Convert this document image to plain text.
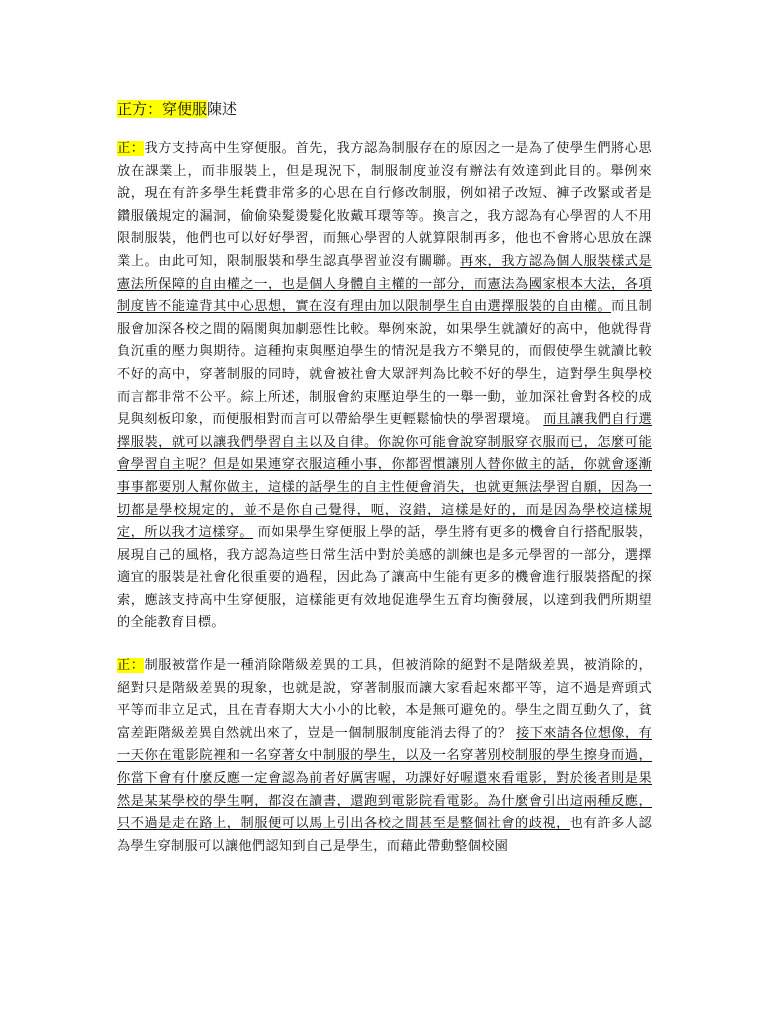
正方：穿便服陳述

正：我方支持高中生穿便服。首先，我方認為制服存在的原因之一是為了使學生們將心思放在課業上，而非服裝上，但是現況下，制服制度並沒有辦法有效達到此目的。舉例來說，現在有許多學生耗費非常多的心思在自行修改制服，例如裙子改短、褲子改緊或者是鑽服儀規定的漏洞，偷偷染髮燙髮化妝戴耳環等等。換言之，我方認為有心學習的人不用限制服裝，他們也可以好好學習，而無心學習的人就算限制再多，他也不會將心思放在課業上。由此可知，限制服裝和學生認真學習並沒有關聯。再來，我方認為個人服裝樣式是憲法所保障的自由權之一，也是個人身體自主權的一部分，而憲法為國家根本大法，各項制度皆不能違背其中心思想，實在沒有理由加以限制學生自由選擇服裝的自由權。而且制服會加深各校之間的隔閡與加劇惡性比較。舉例來說，如果學生就讀好的高中，他就得背負沉重的壓力與期待。這種拘束與壓迫學生的情況是我方不樂見的，而假使學生就讀比較不好的高中，穿著制服的同時，就會被社會大眾評判為比較不好的學生，這對學生與學校而言都非常不公平。綜上所述，制服會約束壓迫學生的一舉一動，並加深社會對各校的成見與刻板印象，而便服相對而言可以帶給學生更輕鬆愉快的學習環境。 而且讓我們自行選擇服裝，就可以讓我們學習自主以及自律。你說你可能會說穿制服穿衣服而已，怎麼可能會學習自主呢？但是如果連穿衣服這種小事，你都習慣讓別人替你做主的話，你就會逐漸事事都要別人幫你做主，這樣的話學生的自主性便會消失，也就更無法學習自願，因為一切都是學校規定的，並不是你自己覺得，呃，沒錯，這樣是好的，而是因為學校這樣規定，所以我才這樣穿。 而如果學生穿便服上學的話，學生將有更多的機會自行搭配服裝，展現自己的風格，我方認為這些日常生活中對於美感的訓練也是多元學習的一部分，選擇適宜的服裝是社會化很重要的過程，因此為了讓高中生能有更多的機會進行服裝搭配的探索，應該支持高中生穿便服，這樣能更有效地促進學生五育均衡發展，以達到我們所期望的全能教育目標。

正：制服被當作是一種消除階級差異的工具，但被消除的絕對不是階級差異，被消除的，絕對只是階級差異的現象，也就是說，穿著制服而讓大家看起來都平等，這不過是齊頭式平等而非立足式，且在青春期大大小小的比較，本是無可避免的。學生之間互動久了，貧富差距階級差異自然就出來了，豈是一個制服制度能消去得了的？ 接下來請各位想像，有一天你在電影院裡和一名穿著女中制服的學生，以及一名穿著別校制服的學生擦身而過，你當下會有什麼反應一定會認為前者好厲害喔，功課好好喔還來看電影，對於後者則是果然是某某學校的學生啊，都沒在讀書，還跑到電影院看電影。為什麼會引出這兩種反應，只不過是走在路上，制服便可以馬上引出各校之間甚至是整個社會的歧視，也有許多人認為學生穿制服可以讓他們認知到自己是學生，而藉此帶動整個校園
